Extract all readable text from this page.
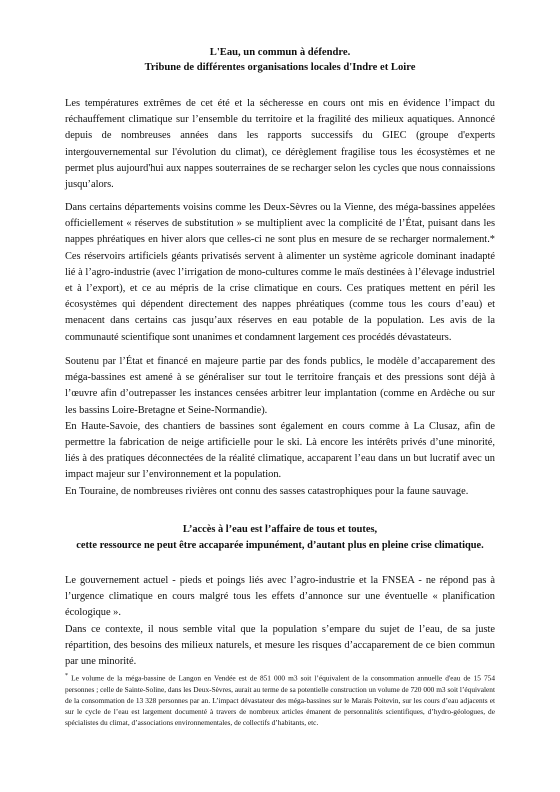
L'Eau, un commun à défendre.
Tribune de différentes organisations locales d'Indre et Loire

Les températures extrêmes de cet été et la sécheresse en cours ont mis en évidence l’impact du réchauffement climatique sur l’ensemble du territoire et la fragilité des milieux aquatiques. Annoncé depuis de nombreuses années dans les rapports successifs du GIEC (groupe d'experts intergouvernemental sur l'évolution du climat), ce dérèglement fragilise tous les écosystèmes et ne permet plus aujourd'hui aux nappes souterraines de se recharger selon les cycles que nous connaissions jusqu’alors.

Dans certains départements voisins comme les Deux-Sèvres ou la Vienne, des méga-bassines appelées officiellement « réserves de substitution » se multiplient avec la complicité de l’État, puisant dans les nappes phréatiques en hiver alors que celles-ci ne sont plus en mesure de se recharger normalement.* Ces réservoirs artificiels géants privatisés servent à alimenter un système agricole dominant inadapté lié à l’agro-industrie (avec l’irrigation de mono-cultures comme le maïs destinées à l’élevage industriel et à l’export), et ce au mépris de la crise climatique en cours. Ces pratiques mettent en péril les écosystèmes qui dépendent directement des nappes phréatiques (comme tous les cours d’eau) et menacent dans certains cas jusqu’aux réserves en eau potable de la population. Les avis de la communauté scientifique sont unanimes et condamnent largement ces procédés dévastateurs.

Soutenu par l’État et financé en majeure partie par des fonds publics, le modèle d’accaparement des méga-bassines est amené à se généraliser sur tout le territoire français et des pressions sont déjà à l’œuvre afin d’outrepasser les instances censées arbitrer leur implantation (comme en Ardèche ou sur les bassins Loire-Bretagne et Seine-Normandie).

En Haute-Savoie, des chantiers de bassines sont également en cours comme à La Clusaz, afin de permettre la fabrication de neige artificielle pour le ski. Là encore les intérêts privés d’une minorité, liés à des pratiques déconnectées de la réalité climatique, accaparent l’eau dans un but lucratif avec un impact majeur sur l’environnement et la population.

En Touraine, de nombreuses rivières ont connu des sasses catastrophiques pour la faune sauvage.

L’accès à l’eau est l’affaire de tous et toutes,
cette ressource ne peut être accaparée impunément, d’autant plus en pleine crise climatique.

Le gouvernement actuel - pieds et poings liés avec l’agro-industrie et la FNSEA - ne répond pas à l’urgence climatique en cours malgré tous les effets d’annonce sur une éventuelle « planification écologique ».

Dans ce contexte, il nous semble vital que la population s’empare du sujet de l’eau, de sa juste répartition, des besoins des milieux naturels, et mesure les risques d’accaparement de ce bien commun par une minorité.

* Le volume de la méga-bassine de Langon en Vendée est de 851 000 m3 soit l’équivalent de la consommation annuelle d'eau de 15 754 personnes ; celle de Sainte-Soline, dans les Deux-Sèvres, aurait au terme de sa potentielle construction un volume de 720 000 m3 soit l’équivalent de la consommation de 13 328 personnes par an. L’impact dévastateur des méga-bassines sur le Marais Poitevin, sur les cours d’eau adjacents et sur le cycle de l’eau est largement documenté à travers de nombreux articles émanent de personnalités scientifiques, d’hydro-géologues, de spécialistes du climat, d’associations environnementales, de collectifs d’habitants, etc.
